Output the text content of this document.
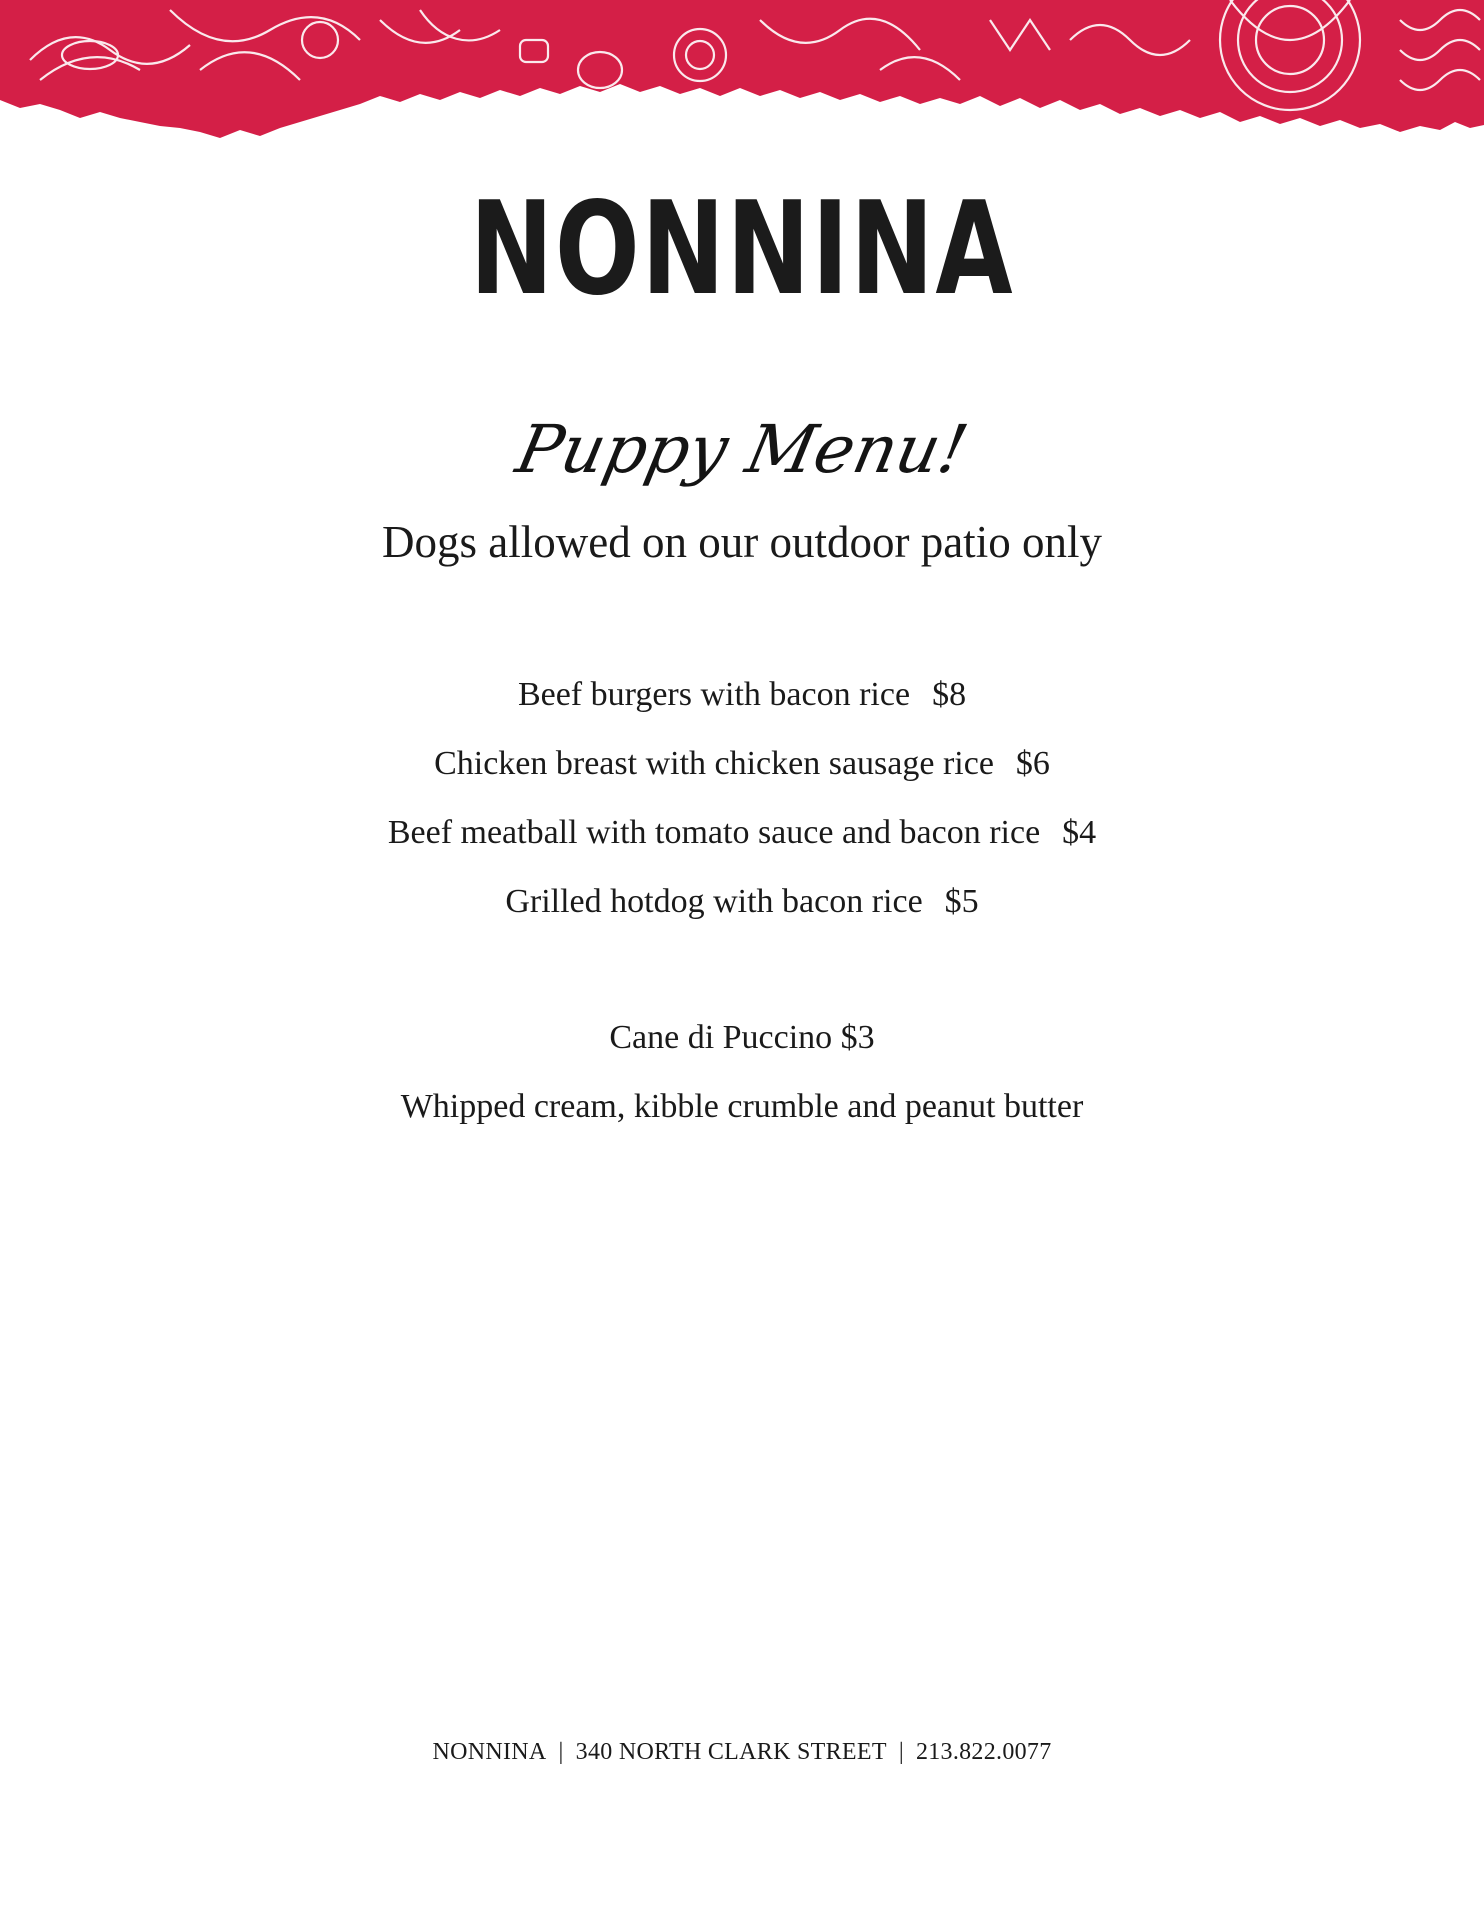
NONNINA
Puppy Menu!
Dogs allowed on our outdoor patio only
Beef burgers with bacon rice $8
Chicken breast with chicken sausage rice $6
Beef meatball with tomato sauce and bacon rice $4
Grilled hotdog with bacon rice $5
Cane di Puccino $3
Whipped cream, kibble crumble and peanut butter
NONNINA | 340 NORTH CLARK STREET | 213.822.0077
